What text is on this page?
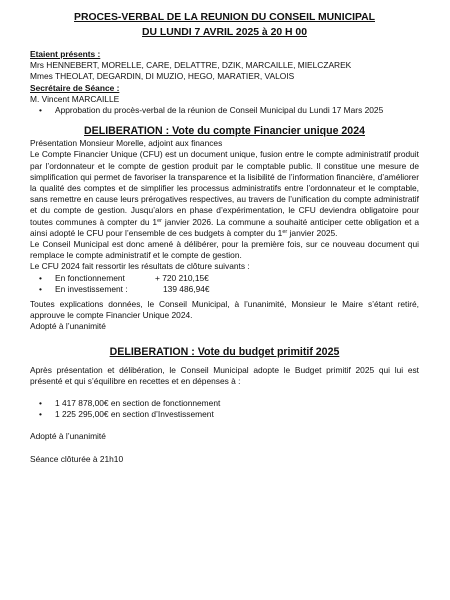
PROCES-VERBAL DE LA REUNION DU CONSEIL MUNICIPAL

DU LUNDI 7 AVRIL 2025 à 20 H 00

Etaient présents :

Mrs HENNEBERT, MORELLE, CARE, DELATTRE, DZIK, MARCAILLE, MIELCZAREK

Mmes THEOLAT, DEGARDIN, DI MUZIO, HEGO, MARATIER, VALOIS

Secrétaire de Séance :

M. Vincent MARCAILLE

• Approbation du procès-verbal de la réunion de Conseil Municipal du Lundi 17 Mars 2025
DELIBERATION : Vote du compte Financier unique 2024

Présentation Monsieur Morelle, adjoint aux finances

Le Compte Financier Unique (CFU) est un document unique, fusion entre le compte administratif produit par l’ordonnateur et le compte de gestion produit par le comptable public. Il constitue une mesure de simplification qui permet de favoriser la transparence et la lisibilité de l’information financière, d’améliorer la qualité des comptes et de simplifier les processus administratifs entre l’ordonnateur et le comptable, sans remettre en cause leurs prérogatives respectives, au travers de l’unification du compte administratif et du compte de gestion. Jusqu’alors en phase d’expérimentation, le CFU deviendra obligatoire pour toutes communes à compter du 1er janvier 2026. La commune a souhaité anticiper cette obligation et a ainsi adopté le CFU pour l’ensemble de ces budgets à compter du 1er janvier 2025.

Le Conseil Municipal est donc amené à délibérer, pour la première fois, sur ce nouveau document qui remplace le compte administratif et le compte de gestion.

Le CFU 2024 fait ressortir les résultats de clôture suivants :

• En fonctionnement	+ 720 210,15€
• En investissement :	139 486,94€

Toutes explications données, le Conseil Municipal, à l’unanimité, Monsieur le Maire s’étant retiré, approuve le compte Financier Unique 2024.

Adopté à l’unanimité

DELIBERATION : Vote du budget primitif 2025

Après présentation et délibération, le Conseil Municipal adopte le Budget primitif 2025 qui lui est présenté et qui s’équilibre en recettes et en dépenses à :

• 1 417 878,00€ en section de fonctionnement
• 1 225 295,00€ en section d’Investissement

Adopté à l’unanimité

Séance clôturée à 21h10
